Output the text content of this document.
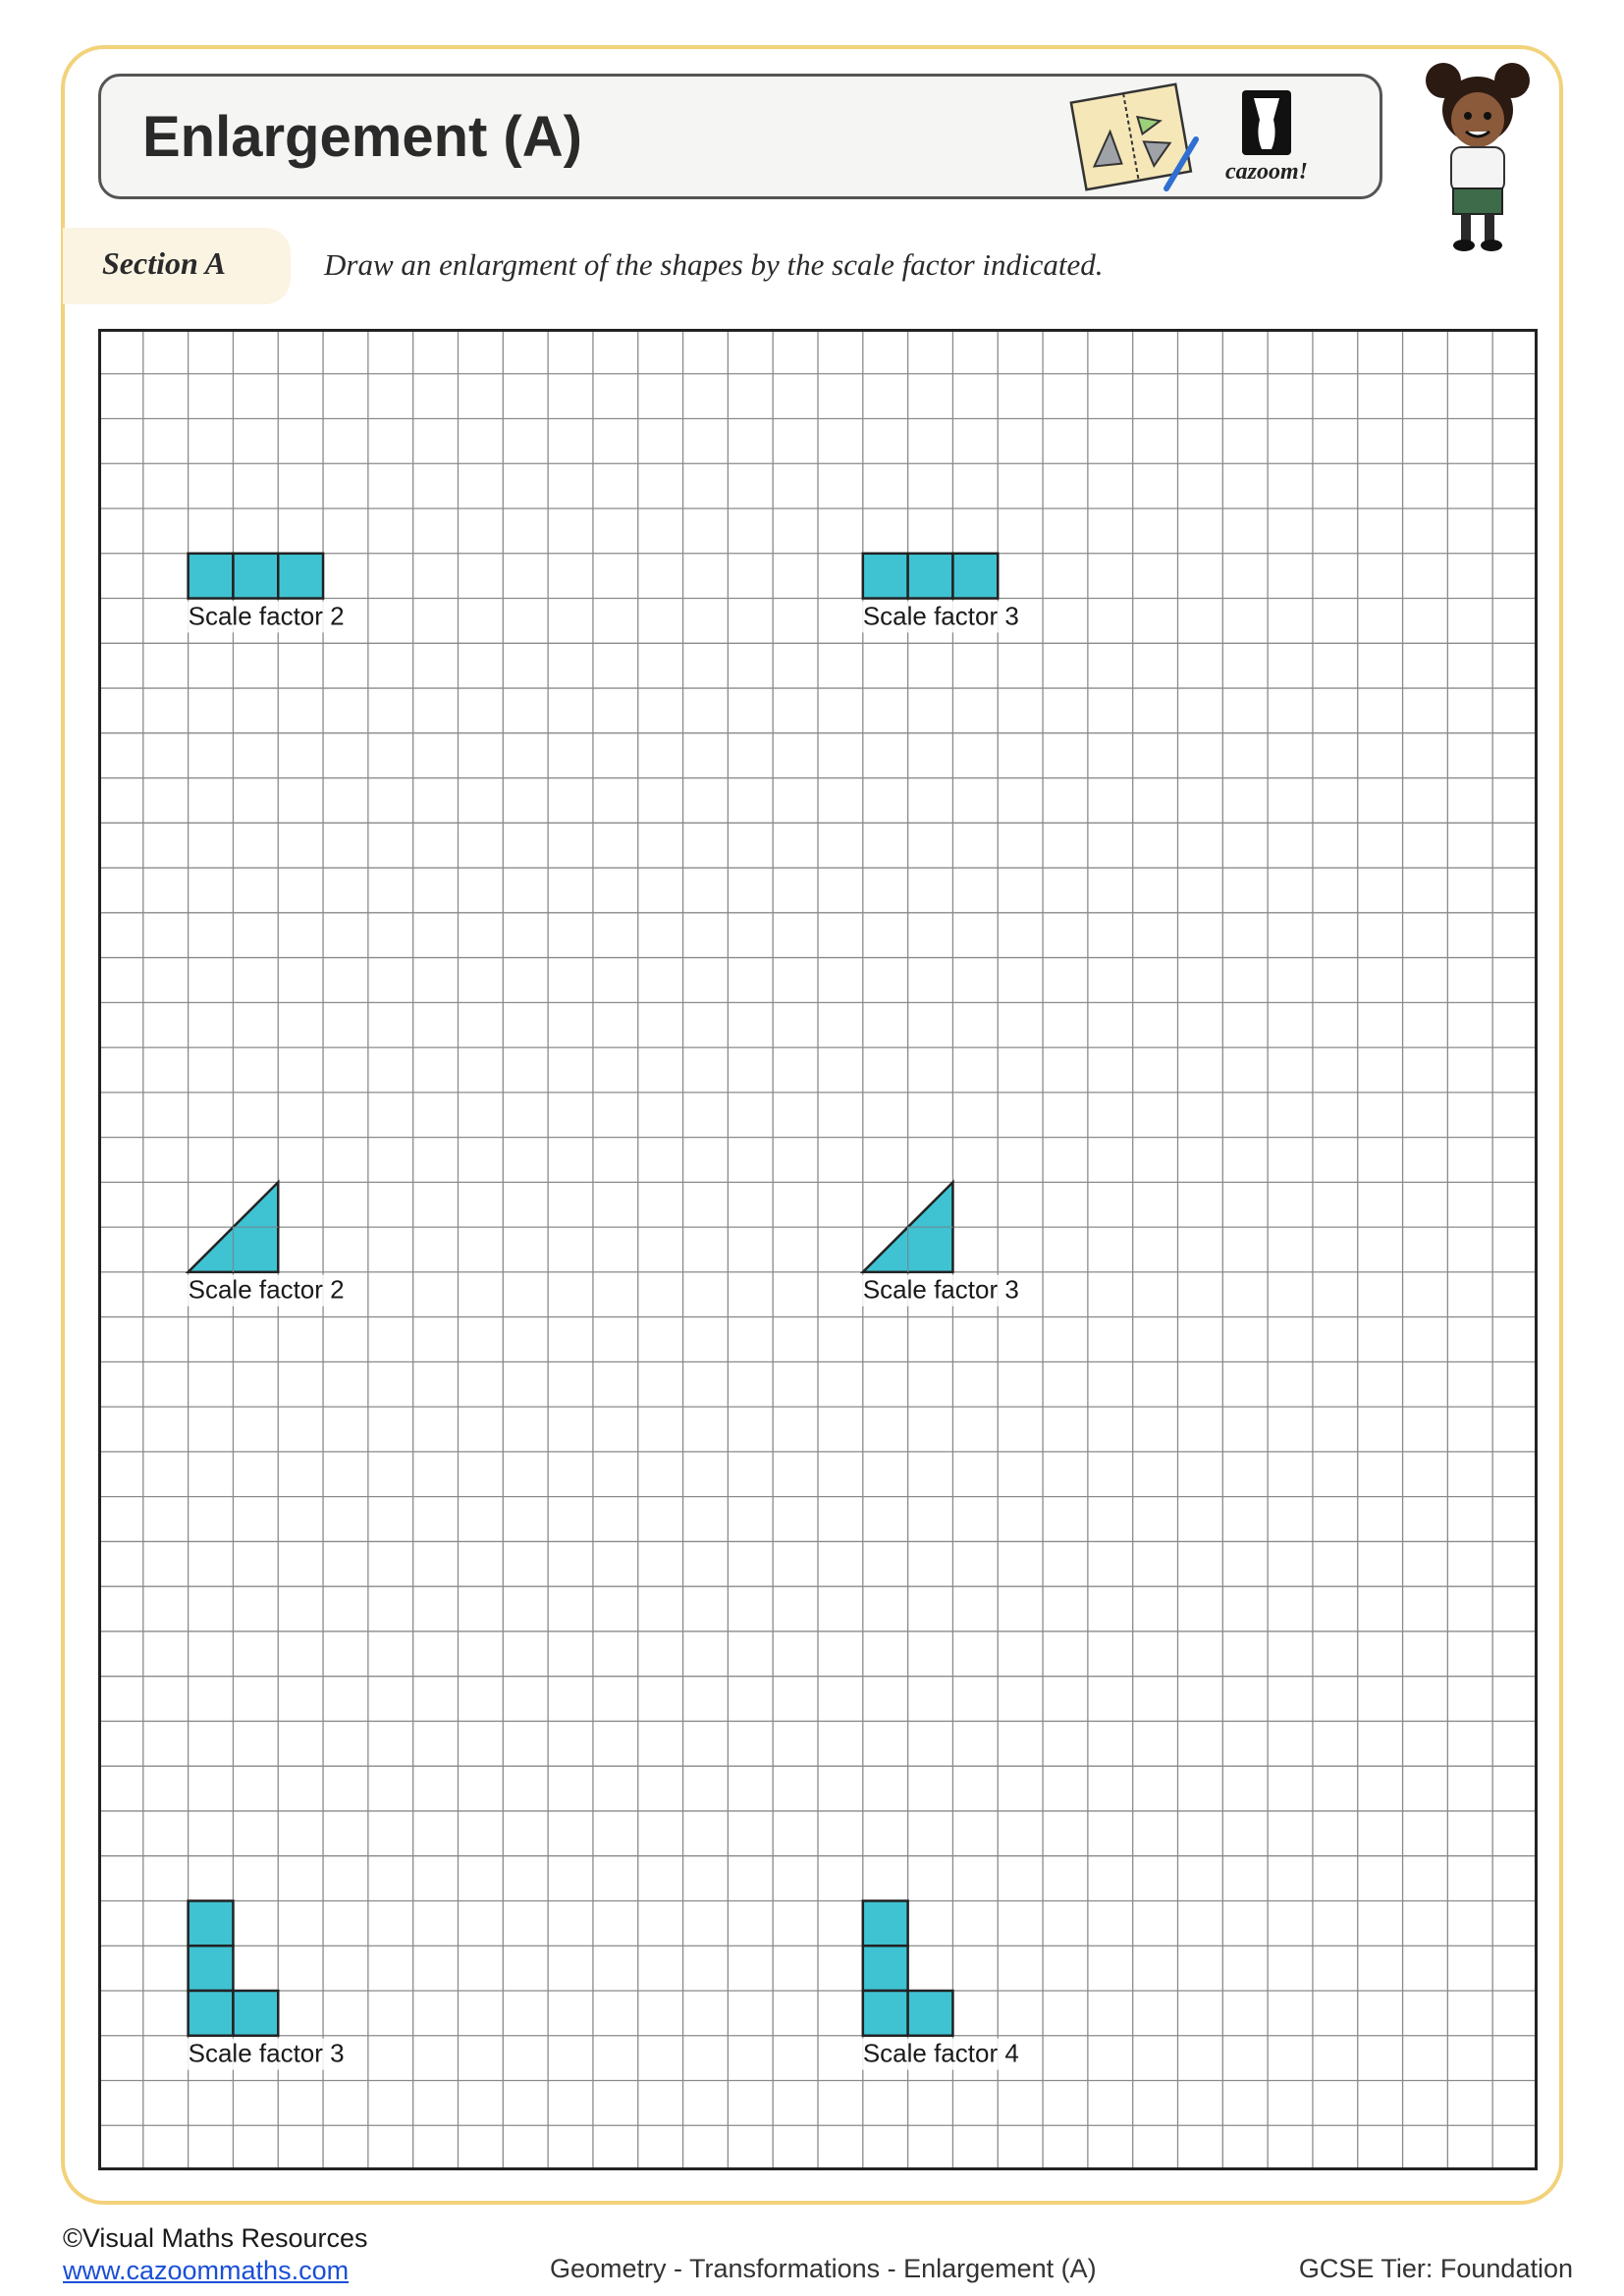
Enlargement (A)
cazoom!
Section A	Draw an enlargment of the shapes by the scale factor indicated.
Scale factor 2	Scale factor 3
Scale factor 2	Scale factor 3
Scale factor 3	Scale factor 4
©Visual Maths Resources
www.cazoommaths.com	Geometry - Transformations - Enlargement (A)	GCSE Tier: Foundation
